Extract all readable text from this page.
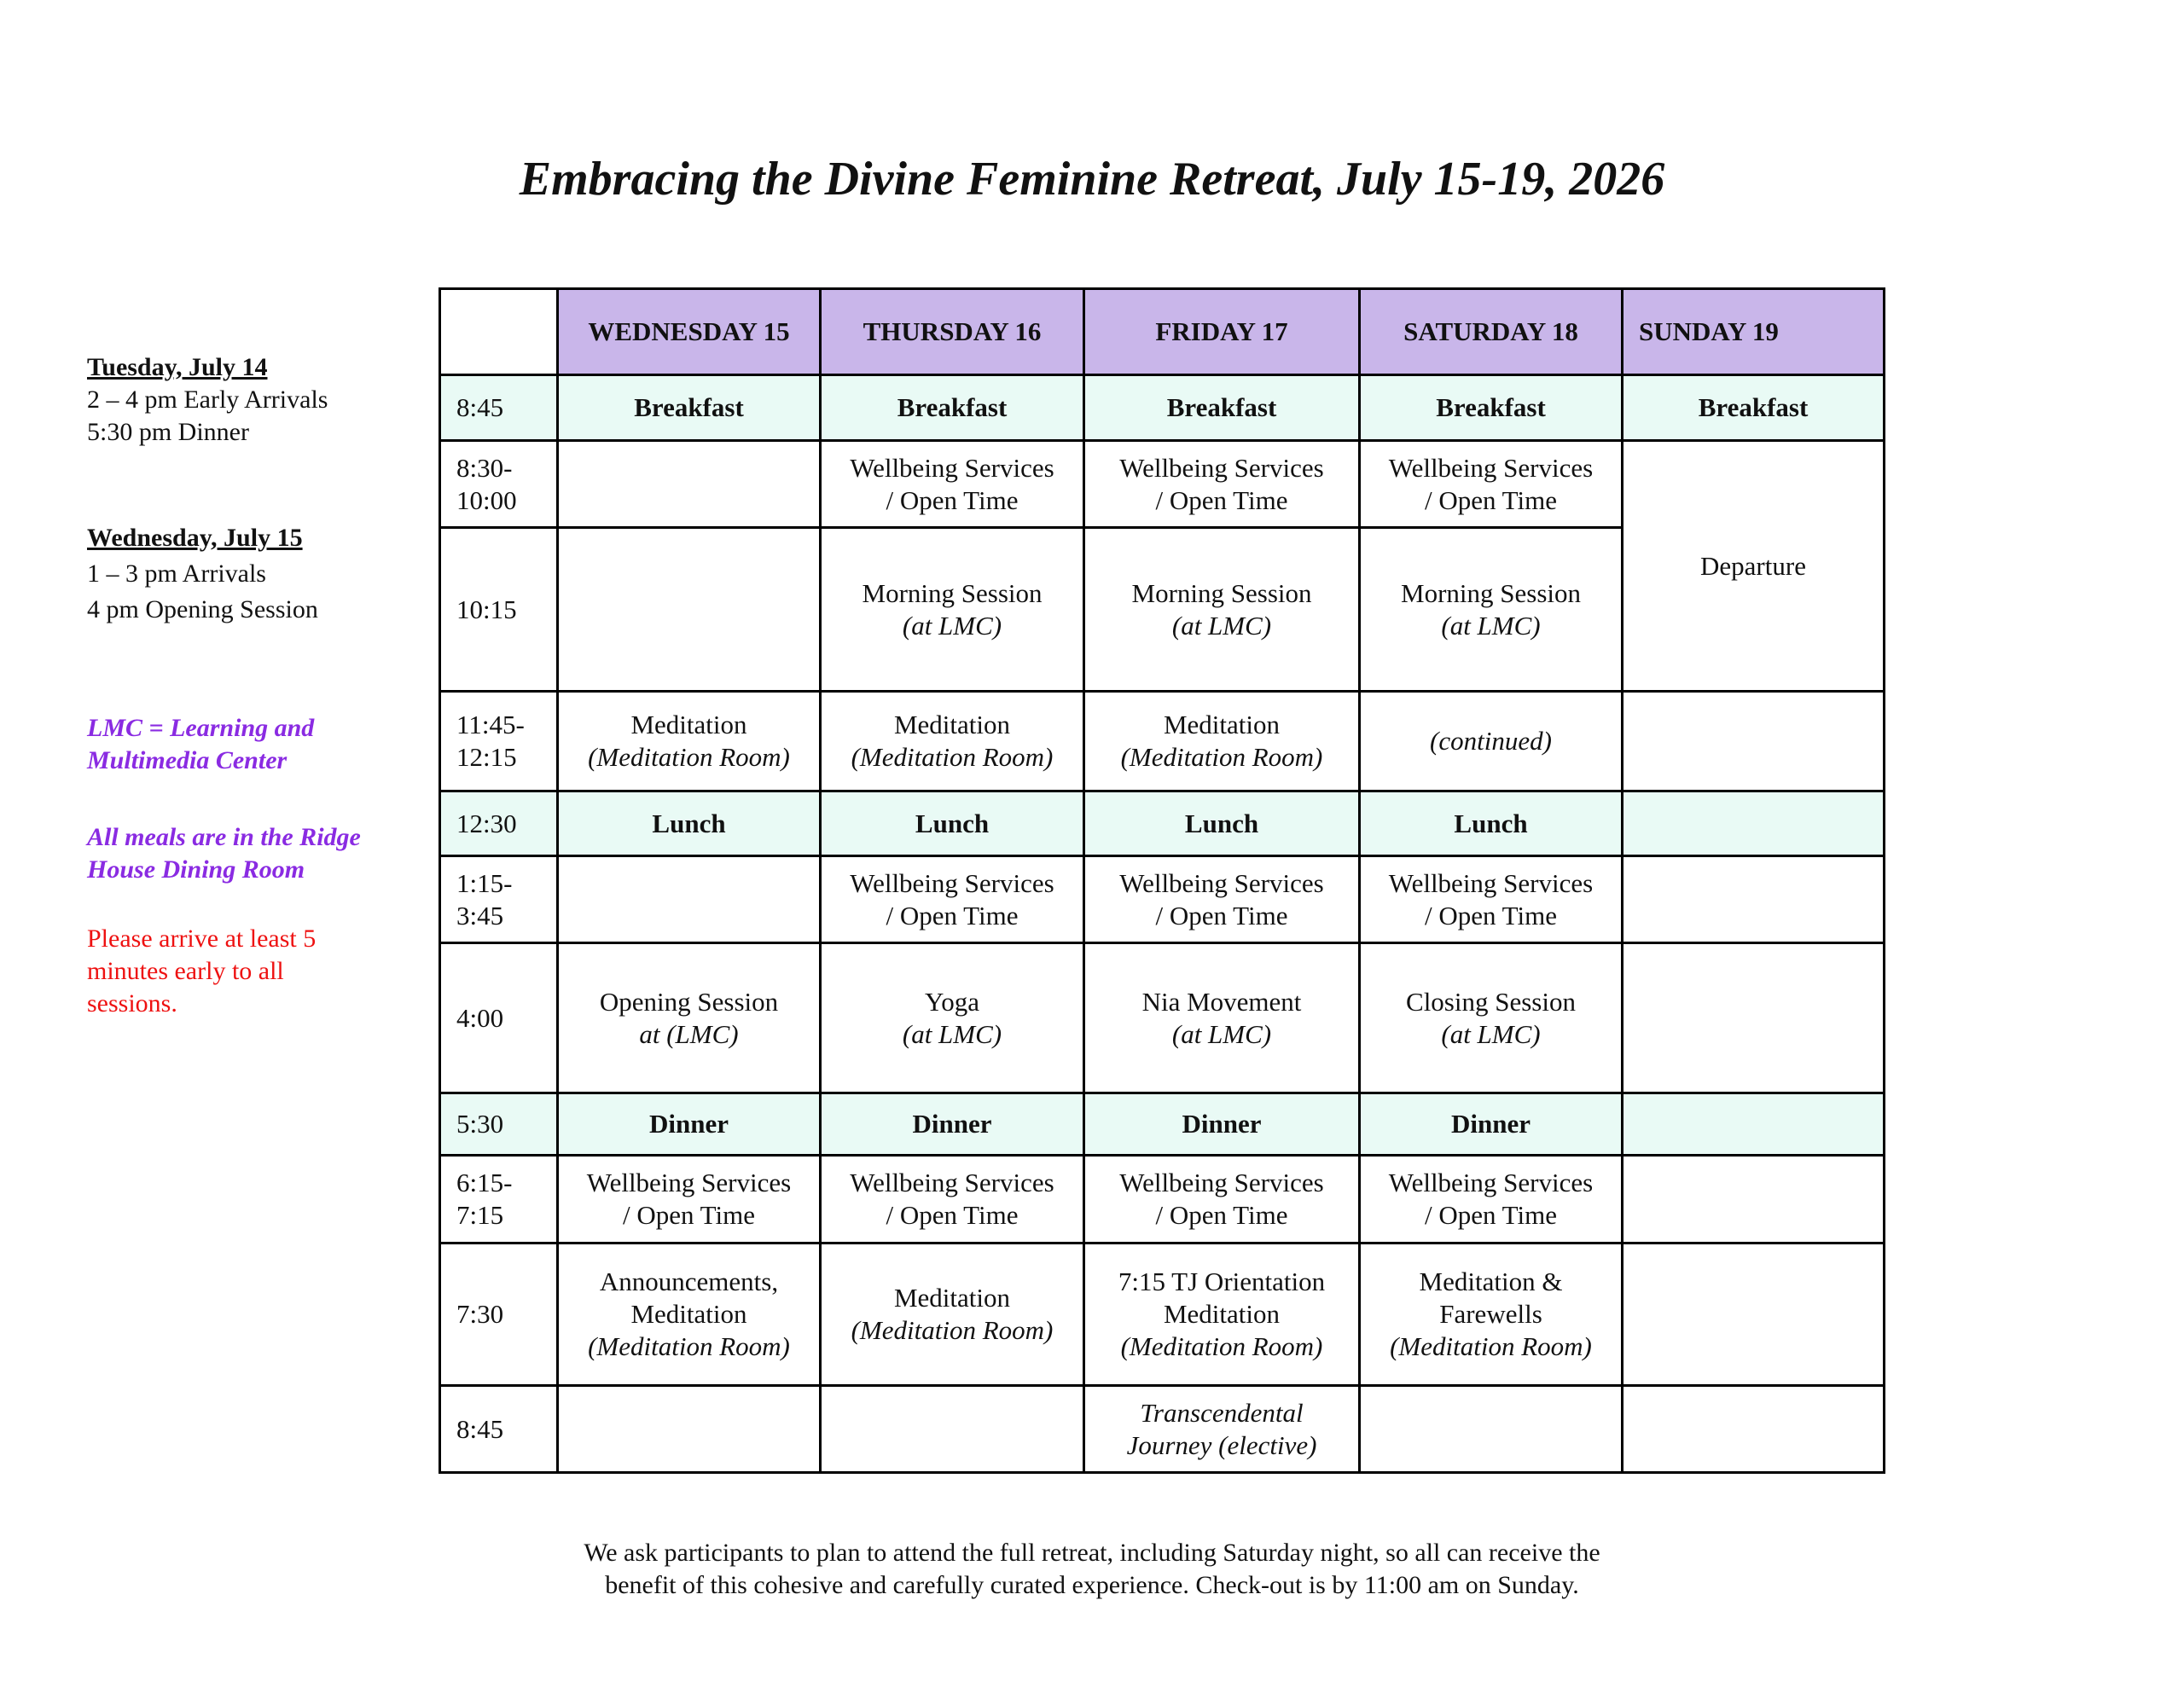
Embracing the Divine Feminine Retreat, July 15-19, 2026
Tuesday, July 14
2 – 4 pm Early Arrivals
5:30 pm Dinner
Wednesday, July 15
1 – 3 pm Arrivals
4 pm Opening Session
LMC = Learning and
Multimedia Center
All meals are in the Ridge
House Dining Room
Please arrive at least 5
minutes early to all
sessions.
	WEDNESDAY 15	THURSDAY 16	FRIDAY 17	SATURDAY 18	SUNDAY 19
8:45	Breakfast	Breakfast	Breakfast	Breakfast	Breakfast

8:30-
10:00		Wellbeing Services
/ Open Time	Wellbeing Services
/ Open Time	Wellbeing Services
/ Open Time	Departure
10:15		Morning Session
(at LMC)	Morning Session
(at LMC)	Morning Session
(at LMC)	

11:45-
12:15	Meditation
(Meditation Room)	Meditation
(Meditation Room)	Meditation
(Meditation Room)	(continued)	

12:30	Lunch	Lunch	Lunch	Lunch	

1:15-
3:45		Wellbeing Services
/ Open Time	Wellbeing Services
/ Open Time	Wellbeing Services
/ Open Time	

4:00	Opening Session
at (LMC)	Yoga
(at LMC)	Nia Movement
(at LMC)	Closing Session
(at LMC)	

5:30	Dinner	Dinner	Dinner	Dinner	

6:15-
7:15	Wellbeing Services
/ Open Time	Wellbeing Services
/ Open Time	Wellbeing Services
/ Open Time	Wellbeing Services
/ Open Time	

7:30	Announcements,
Meditation
(Meditation Room)	Meditation
(Meditation Room)	7:15 TJ Orientation
Meditation
(Meditation Room)	Meditation &
Farewells
(Meditation Room)	

8:45			Transcendental
Journey (elective)		

We ask participants to plan to attend the full retreat, including Saturday night, so all can receive the
benefit of this cohesive and carefully curated experience. Check-out is by 11:00 am on Sunday.
